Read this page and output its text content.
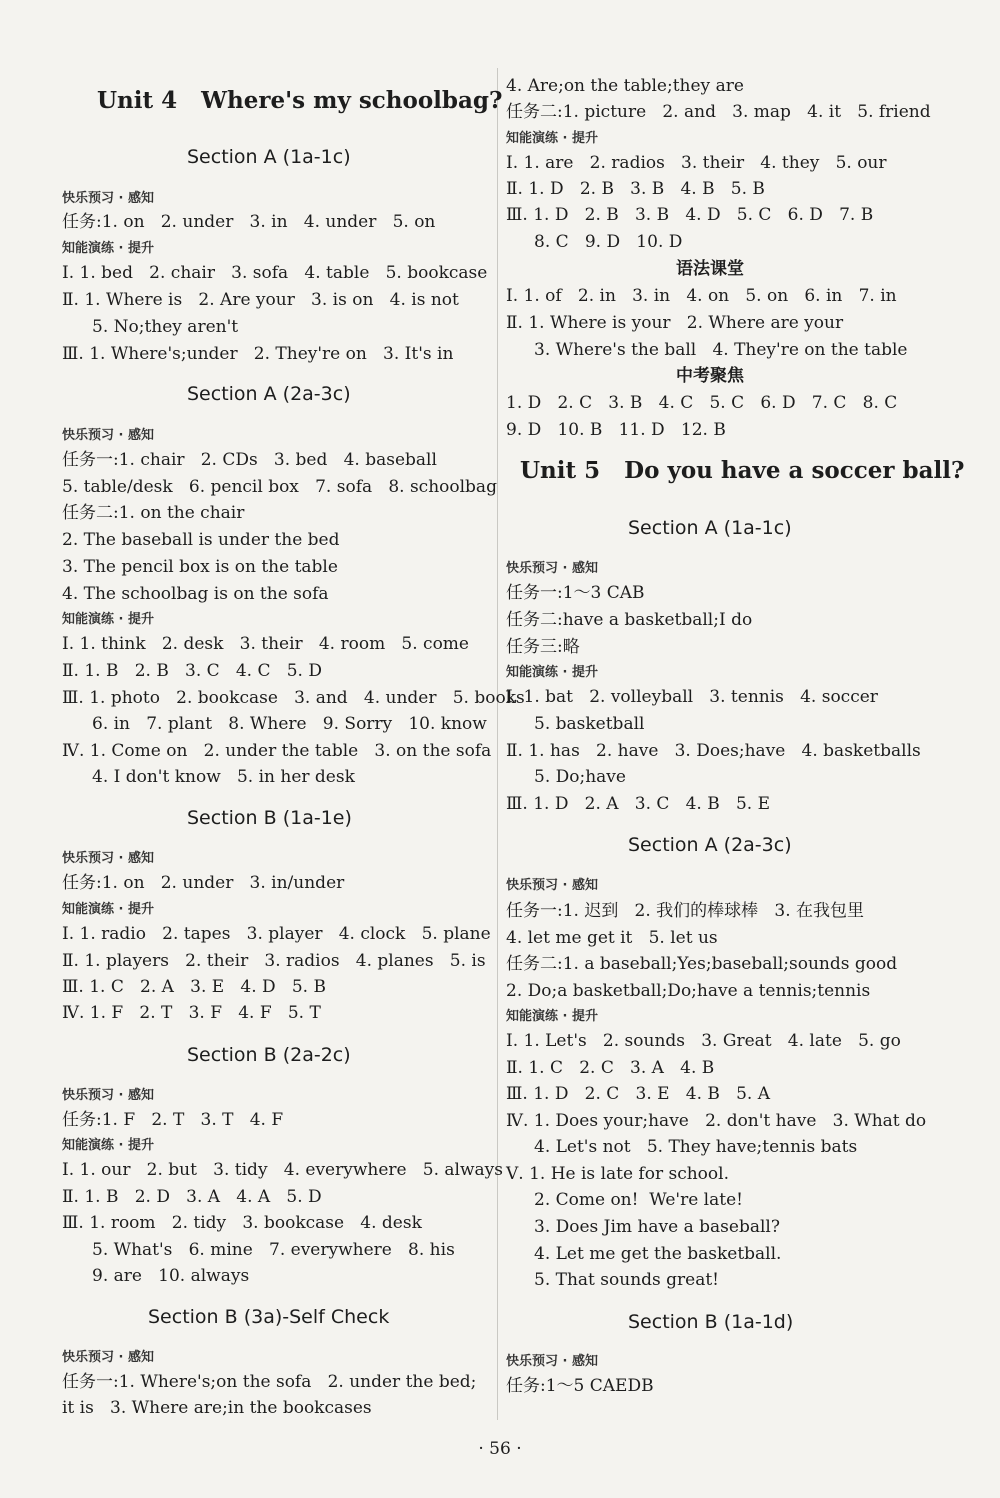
Unit 4   Where's my schoolbag?
Section A (1a-1c)
快乐预习 · 感知
任务:1. on   2. under   3. in   4. under   5. on
知能演练 · 提升
Ⅰ. 1. bed   2. chair   3. sofa   4. table   5. bookcase
Ⅱ. 1. Where is   2. Are your   3. is on   4. is not
5. No;they aren't
Ⅲ. 1. Where's;under   2. They're on   3. It's in
Section A (2a-3c)
快乐预习 · 感知
任务一:1. chair   2. CDs   3. bed   4. baseball
5. table/desk   6. pencil box   7. sofa   8. schoolbag
任务二:1. on the chair
2. The baseball is under the bed
3. The pencil box is on the table
4. The schoolbag is on the sofa
知能演练 · 提升
Ⅰ. 1. think   2. desk   3. their   4. room   5. come
Ⅱ. 1. B   2. B   3. C   4. C   5. D
Ⅲ. 1. photo   2. bookcase   3. and   4. under   5. books
6. in   7. plant   8. Where   9. Sorry   10. know
Ⅳ. 1. Come on   2. under the table   3. on the sofa
4. I don't know   5. in her desk
Section B (1a-1e)
快乐预习 · 感知
任务:1. on   2. under   3. in/under
知能演练 · 提升
Ⅰ. 1. radio   2. tapes   3. player   4. clock   5. plane
Ⅱ. 1. players   2. their   3. radios   4. planes   5. is
Ⅲ. 1. C   2. A   3. E   4. D   5. B
Ⅳ. 1. F   2. T   3. F   4. F   5. T
Section B (2a-2c)
快乐预习 · 感知
任务:1. F   2. T   3. T   4. F
知能演练 · 提升
Ⅰ. 1. our   2. but   3. tidy   4. everywhere   5. always
Ⅱ. 1. B   2. D   3. A   4. A   5. D
Ⅲ. 1. room   2. tidy   3. bookcase   4. desk
5. What's   6. mine   7. everywhere   8. his
9. are   10. always
Section B (3a)-Self Check
快乐预习 · 感知
任务一:1. Where's;on the sofa   2. under the bed;
it is   3. Where are;in the bookcases
4. Are;on the table;they are
任务二:1. picture   2. and   3. map   4. it   5. friend
知能演练 · 提升
Ⅰ. 1. are   2. radios   3. their   4. they   5. our
Ⅱ. 1. D   2. B   3. B   4. B   5. B
Ⅲ. 1. D   2. B   3. B   4. D   5. C   6. D   7. B
8. C   9. D   10. D
语法课堂
Ⅰ. 1. of   2. in   3. in   4. on   5. on   6. in   7. in
Ⅱ. 1. Where is your   2. Where are your
3. Where's the ball   4. They're on the table
中考聚焦
1. D   2. C   3. B   4. C   5. C   6. D   7. C   8. C
9. D   10. B   11. D   12. B
Unit 5   Do you have a soccer ball?
Section A (1a-1c)
快乐预习 · 感知
任务一:1～3 CAB
任务二:have a basketball;I do
任务三:略
知能演练 · 提升
Ⅰ. 1. bat   2. volleyball   3. tennis   4. soccer
5. basketball
Ⅱ. 1. has   2. have   3. Does;have   4. basketballs
5. Do;have
Ⅲ. 1. D   2. A   3. C   4. B   5. E
Section A (2a-3c)
快乐预习 · 感知
任务一:1. 迟到   2. 我们的棒球棒   3. 在我包里
4. let me get it   5. let us
任务二:1. a baseball;Yes;baseball;sounds good
2. Do;a basketball;Do;have a tennis;tennis
知能演练 · 提升
Ⅰ. 1. Let's   2. sounds   3. Great   4. late   5. go
Ⅱ. 1. C   2. C   3. A   4. B
Ⅲ. 1. D   2. C   3. E   4. B   5. A
Ⅳ. 1. Does your;have   2. don't have   3. What do
4. Let's not   5. They have;tennis bats
Ⅴ. 1. He is late for school.
2. Come on!  We're late!
3. Does Jim have a baseball?
4. Let me get the basketball.
5. That sounds great!
Section B (1a-1d)
快乐预习 · 感知
任务:1～5 CAEDB
· 56 ·
